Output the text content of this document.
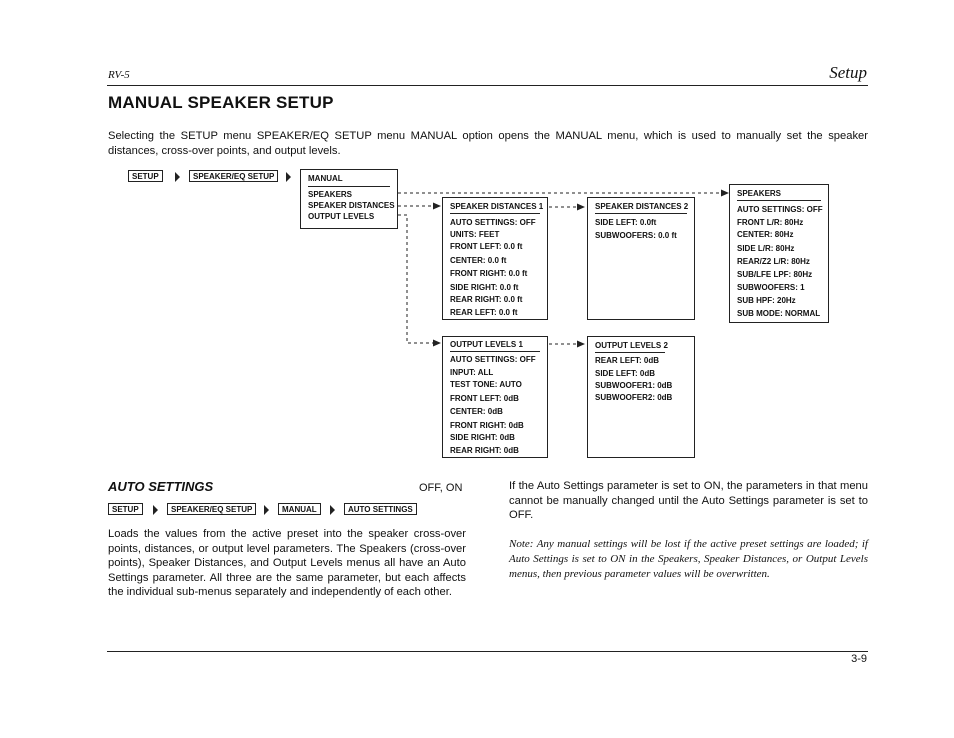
RV-5	Setup
MANUAL SPEAKER SETUP
Selecting the SETUP menu SPEAKER/EQ SETUP menu MANUAL option opens the MANUAL menu, which is used to manually set the speaker distances, cross-over points, and output levels.
SETUP	SPEAKER/EQ SETUP	MANUAL
SPEAKERS
SPEAKER DISTANCES
OUTPUT LEVELS
SPEAKER DISTANCES 1
AUTO SETTINGS: OFF
UNITS: FEET
FRONT LEFT: 0.0 ft
CENTER: 0.0 ft
FRONT RIGHT: 0.0 ft
SIDE RIGHT: 0.0 ft
REAR RIGHT: 0.0 ft
REAR LEFT: 0.0 ft
SPEAKER DISTANCES 2
SIDE LEFT: 0.0ft
SUBWOOFERS: 0.0 ft
SPEAKERS
AUTO SETTINGS: OFF
FRONT L/R: 80Hz
CENTER: 80Hz
SIDE L/R: 80Hz
REAR/Z2 L/R: 80Hz
SUB/LFE LPF: 80Hz
SUBWOOFERS: 1
SUB HPF: 20Hz
SUB MODE: NORMAL
OUTPUT LEVELS 1
AUTO SETTINGS: OFF
INPUT: ALL
TEST TONE: AUTO
FRONT LEFT: 0dB
CENTER: 0dB
FRONT RIGHT: 0dB
SIDE RIGHT: 0dB
REAR RIGHT: 0dB
OUTPUT LEVELS 2
REAR LEFT: 0dB
SIDE LEFT: 0dB
SUBWOOFER1: 0dB
SUBWOOFER2: 0dB
AUTO SETTINGS	OFF, ON
SETUP	SPEAKER/EQ SETUP	MANUAL	AUTO SETTINGS
Loads the values from the active preset into the speaker cross-over points, distances, or output level parameters. The Speakers (cross-over points), Speaker Distances, and Output Levels menus all have an Auto Settings parameter. All three are the same parameter, but each affects the individual sub-menus separately and independently of each other.
If the Auto Settings parameter is set to ON, the parameters in that menu cannot be manually changed until the Auto Settings parameter is set to OFF.
Note: Any manual settings will be lost if the active preset settings are loaded; if Auto Settings is set to ON in the Speakers, Speaker Distances, or Output Levels menus, then previous parameter values will be overwritten.
3-9
